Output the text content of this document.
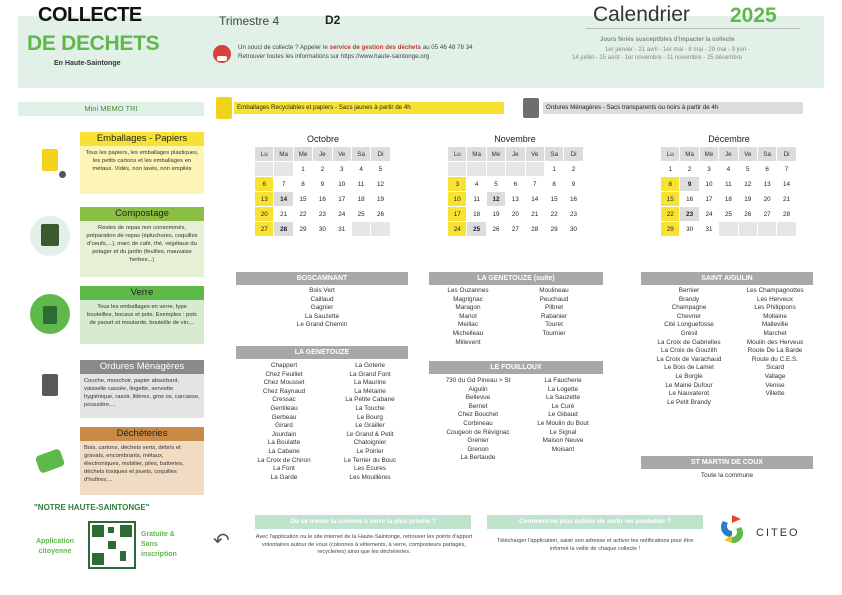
COLLECTE
DE DECHETS
En Haute-Saintonge
Trimestre 4	D2
Un souci de collecte ? Appeler le service de gestion des déchets au 05 46 48 78 34
Retrouver toutes les informations sur https://www.haute-saintonge.org
Calendrier 2025
Jours fériés susceptibles d'impacter la collecte
1er janvier - 21 avril - 1er mai - 8 mai - 29 mai - 9 juin -
14 juillet - 15 août - 1er novembre - 11 novembre - 25 décembre
Mini MEMO TRI
Emballages - Papiers
Tous les papiers, les emballages plastiques, les petits cartons et les emballages en métaux. Vidés, non lavés, non empilés
Compostage
Restes de repas non consommés, préparation de repas (épluchures, coquilles d'oeufs,...), marc de café, thé, végétaux du potager et du jardin (feuilles, mauvaise herbes...)
Verre
Tous les emballages en verre, type bouteilles, bocaux et pots. Exemples : pots de yaourt et moutarde, bouteille de vin,...
Ordures Ménagères
Couche, mouchoir, papier absorbant, vaisselle cassée, lingette, serviette hygiénique, rasoir, litières, gros os, carcasse, poussière,...
Déchèteries
Bois, cartons, déchets verts, débris et gravats, encombrants, métaux, électroniques, mobilier, piles, batteries, déchets toxiques et jouets, coquilles d'huîtres,...
"NOTRE HAUTE-SAINTONGE"
Application citoyenne
Gratuite & Sans inscription
Emballages Recyclables et papiers - Sacs jaunes à partir de 4h	Ordures Ménagères - Sacs transparents ou noirs à partir de 4h
Octobre	Novembre	Décembre
Lu	Ma	Me	Je	Ve	Sa	Di
		1	2	3	4	5
6	7	8	9	10	11	12
13	14	15	16	17	18	19
20	21	22	23	24	25	26
27	28	29	30	31		
Lu	Ma	Me	Je	Ve	Sa	Di
					1	2
3	4	5	6	7	8	9
10	11	12	13	14	15	16
17	18	19	20	21	22	23
24	25	26	27	28	29	30
Lu	Ma	Me	Je	Ve	Sa	Di
1	2	3	4	5	6	7
8	9	10	11	12	13	14
15	16	17	18	19	20	21
22	23	24	25	26	27	28
29	30	31				
BOSCAMNANT
Bois Vert
Caillaud
Gagnier
La Sauzette
Le Grand Chemin
LA GENETOUZE
Chappert
Chez Feuillet
Chez Mousset
Chez Raynaud
Cressac
Gentileau
Gerbeau
Girard
Jourdain
La Boulatte
La Cabane
La Croix de Chiron
La Font
La Garde
La Goterie
La Grand Font
La Maurine
La Métairie
La Petite Cabane
La Touche
Le Bourg
Le Grailler
Le Grand & Petit
Chatoignier
Le Poirier
Le Terrier du Bouc
Les Ecures
Les Mouillères
LA GENETOUZE (suite)
Les Ouzannes
Magrignac
Maragon
Mariot
Meillac
Michelleau
Millevent
Moulineau
Peuchaud
Pilbret
Rabanier
Touret
Tournier
LE FOUILLOUX
730 du Gd Pineau > St
Aigulin
Bellevue
Bernet
Chez Bouchet
Corbineau
Cougeon de Révignac
Grenier
Grenon
La Bertaude
La Faucherie
La Logette
La Sauzette
Le Curé
Le Gibaud
Le Moulin du Bout
Le Signal
Maison Neuve
Moisant
SAINT AIGULIN
Bernier
Brandy
Champagne
Chevrier
Cité Longuefosse
Grésil
La Croix de Gabrielles
La Croix de Gouzilh
La Croix de Varachaud
Le Bois de Lamet
Le Borgle
Le Maine Dufour
Le Nauvaterot
Le Petit Brandy
Les Champagnottes
Les Herveux
Les Philippons
Mollaine
Malleville
Marchet
Moulin des Herveux
Route De La Barde
Route du C.E.S.
Sicard
Vallage
Venise
Villette
ST MARTIN DE COUX
Toute la commune
↶
Où se trouve la colonne à verre la plus proche ?
Avec l'application ou le site internet de la Haute-Saintonge, retrouver les points d'apport volontaires autour de vous (colonnes à vêtements, à verre, composteurs partagés, recycleries) ainsi que les déchèteries.
Comment ne plus oublier de sortir les poubelles ?
Télécharger l'application, saisir son adresse et activer les notifications pour être informé la veille de chaque collecte !
CITEO
